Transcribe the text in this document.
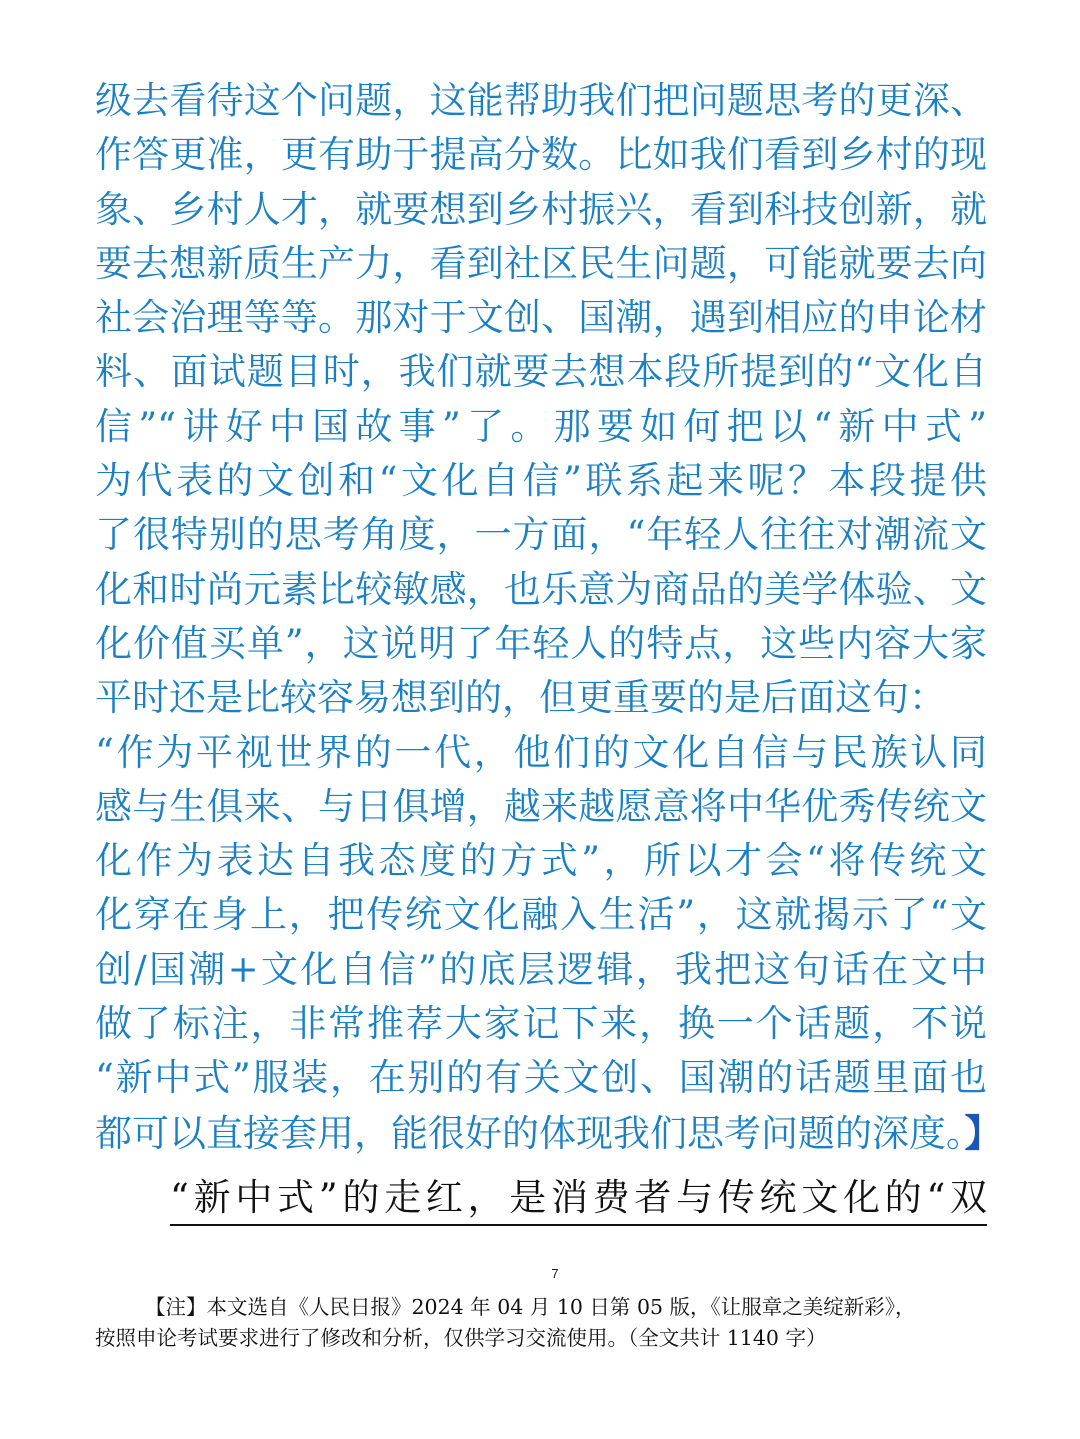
级去看待这个问题，这能帮助我们把问题思考的更深、
作答更准，更有助于提高分数。比如我们看到乡村的现
象、乡村人才，就要想到乡村振兴，看到科技创新，就
要去想新质生产力，看到社区民生问题，可能就要去向
社会治理等等。那对于文创、国潮，遇到相应的申论材
料、面试题目时，我们就要去想本段所提到的“文化自
信”“讲好中国故事”了。那要如何把以“新中式”
为代表的文创和“文化自信”联系起来呢？本段提供
了很特别的思考角度，一方面，“年轻人往往对潮流文
化和时尚元素比较敏感，也乐意为商品的美学体验、文
化价值买单”，这说明了年轻人的特点，这些内容大家
平时还是比较容易想到的，但更重要的是后面这句：
“作为平视世界的一代，他们的文化自信与民族认同
感与生俱来、与日俱增，越来越愿意将中华优秀传统文
化作为表达自我态度的方式”，所以才会“将传统文
化穿在身上，把传统文化融入生活”，这就揭示了“文
创/国潮+文化自信”的底层逻辑，我把这句话在文中
做了标注，非常推荐大家记下来，换一个话题，不说
“新中式”服装，在别的有关文创、国潮的话题里面也
都可以直接套用，能很好的体现我们思考问题的深度。】
“新中式”的走红，是消费者与传统文化的“双
7
【注】本文选自《人民日报》2024 年 04 月 10 日第 05 版，《让服章之美绽新彩》，
按照申论考试要求进行了修改和分析，仅供学习交流使用。（全文共计 1140 字）
